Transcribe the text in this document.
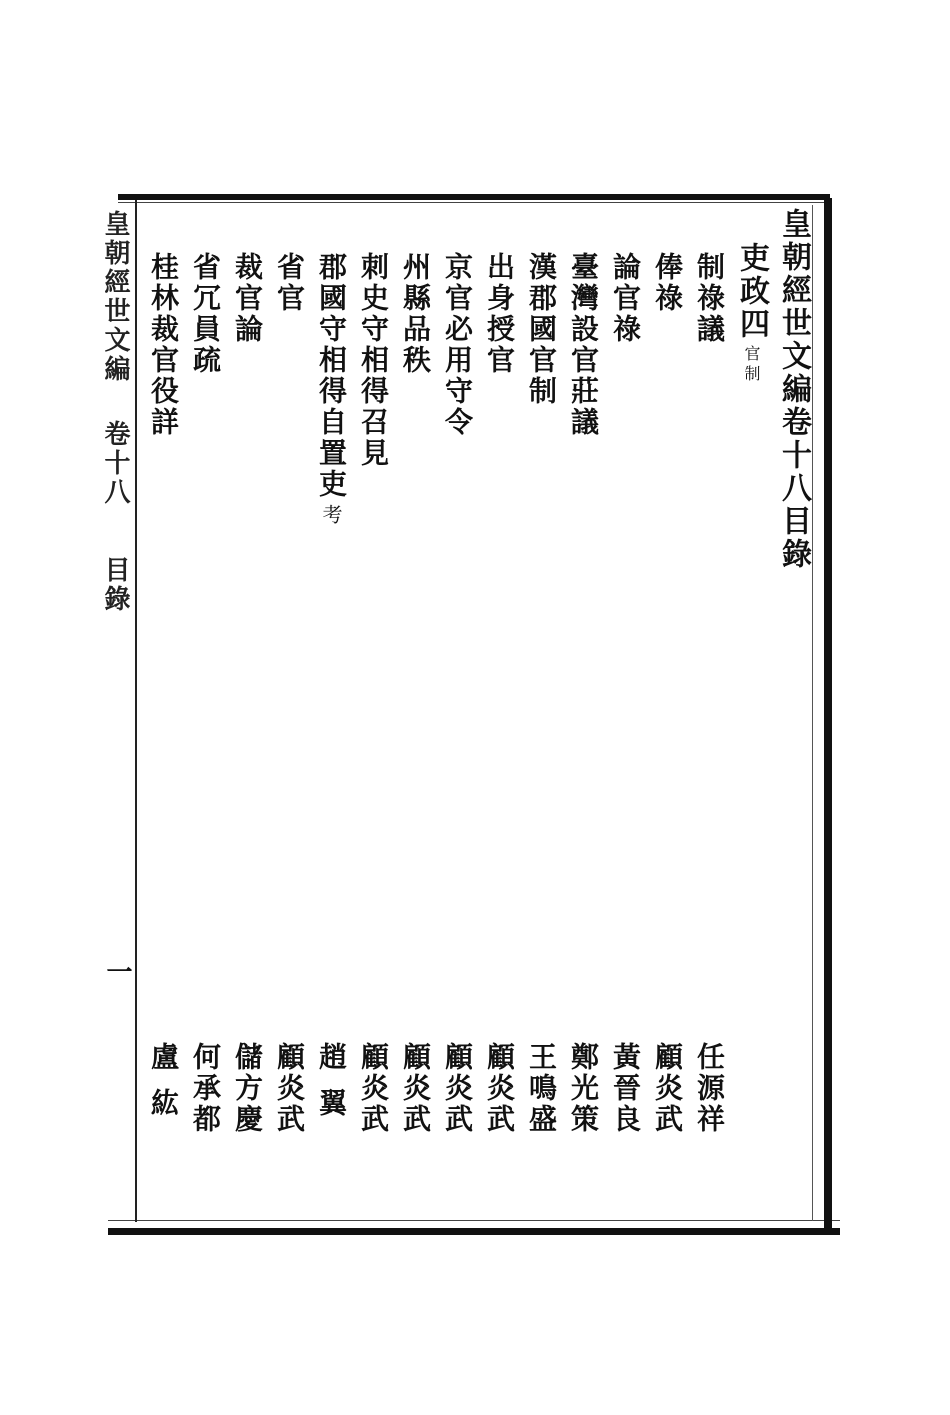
皇朝經世文編卷十八目錄
吏政四官制
制祿議
俸祿
論官祿
臺灣設官莊議
漢郡國官制
出身授官
京官必用守令
州縣品秩
刺史守相得召見
郡國守相得自置吏考
省官
裁官論
省冗員疏
桂林裁官役詳
任源祥
顧炎武
黃晉良
鄭光策
王鳴盛
顧炎武
顧炎武
顧炎武
顧炎武
趙翼
顧炎武
儲方慶
何承都
盧紘
皇朝經世文編
卷十八
目錄
一
